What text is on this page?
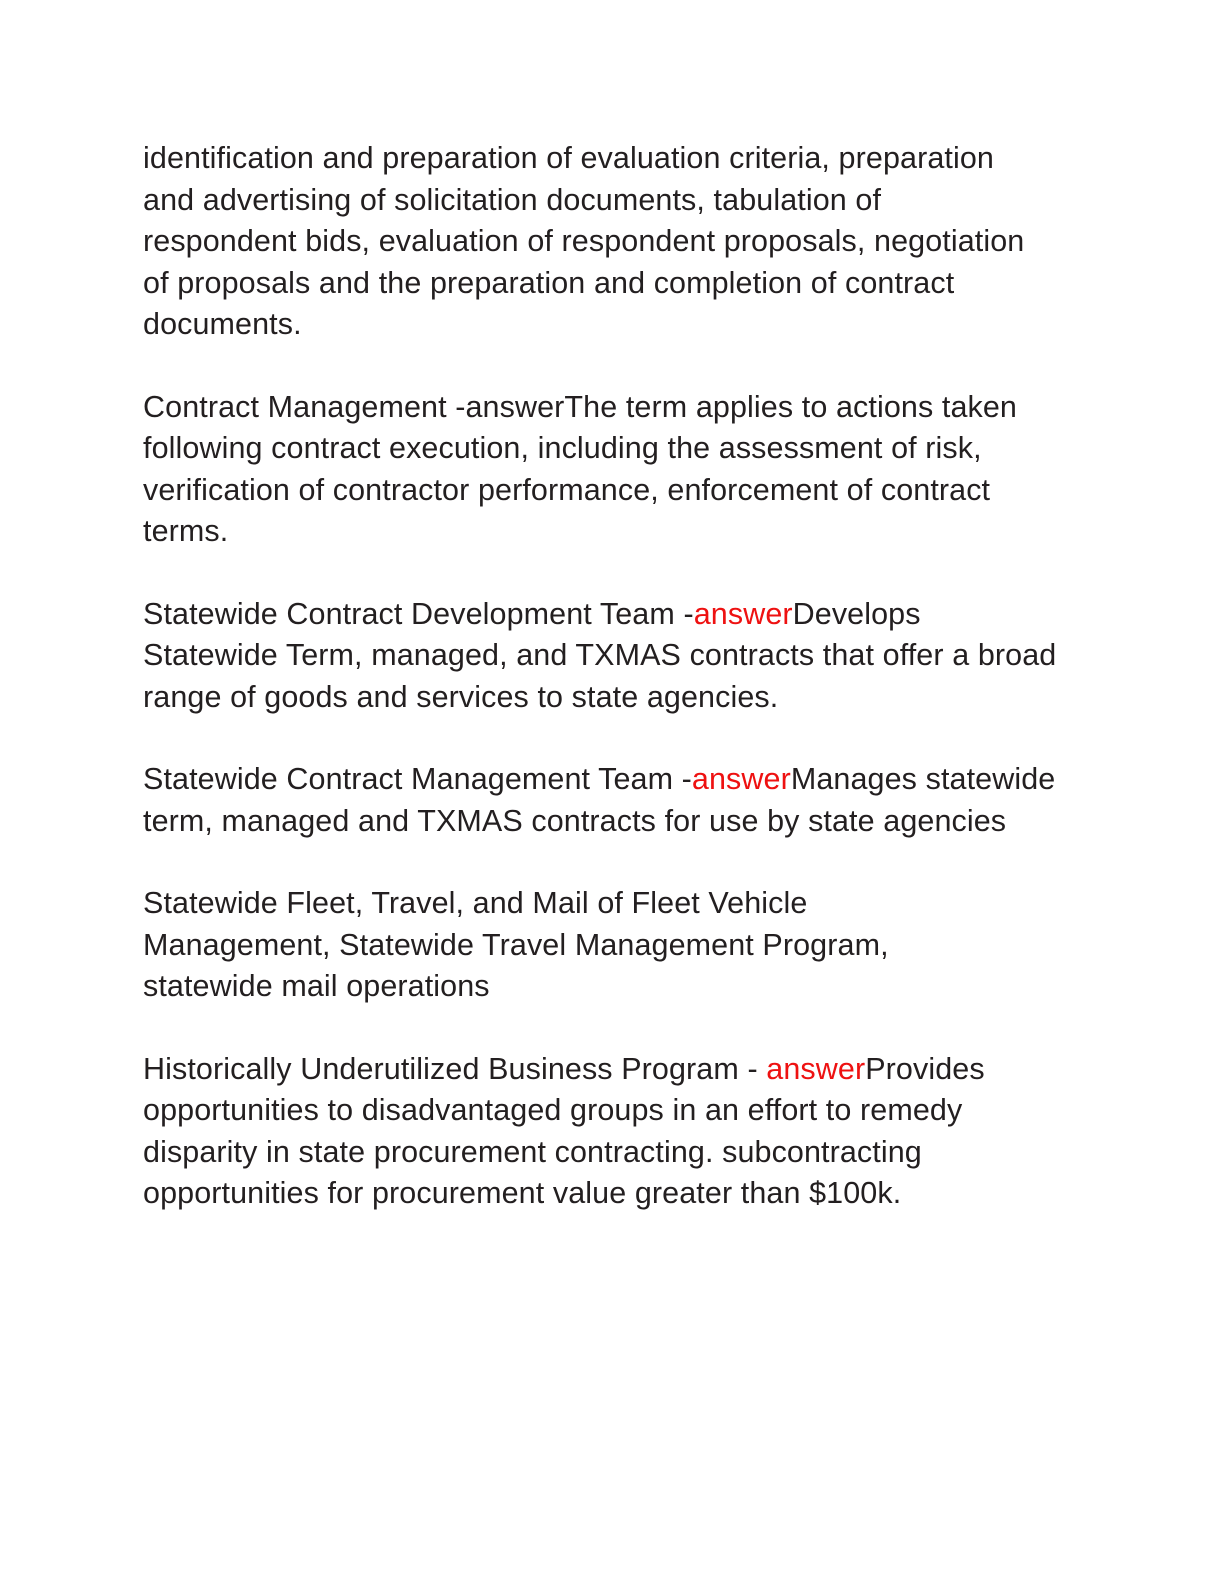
identification and preparation of evaluation criteria, preparation and advertising of solicitation documents, tabulation of respondent bids, evaluation of respondent proposals, negotiation of proposals and the preparation and completion of contract documents.

Contract Management -answerThe term applies to actions taken following contract execution, including the assessment of risk, verification of contractor performance, enforcement of contract terms.

Statewide Contract Development Team -answerDevelops Statewide Term, managed, and TXMAS contracts that offer a broad range of goods and services to state agencies.

Statewide Contract Management Team -answerManages statewide term, managed and TXMAS contracts for use by state agencies

Statewide Fleet, Travel, and Mail of Fleet Vehicle Management, Statewide Travel Management Program, statewide mail operations

Historically Underutilized Business Program - answerProvides opportunities to disadvantaged groups in an effort to remedy disparity in state procurement contracting. subcontracting opportunities for procurement value greater than $100k.
